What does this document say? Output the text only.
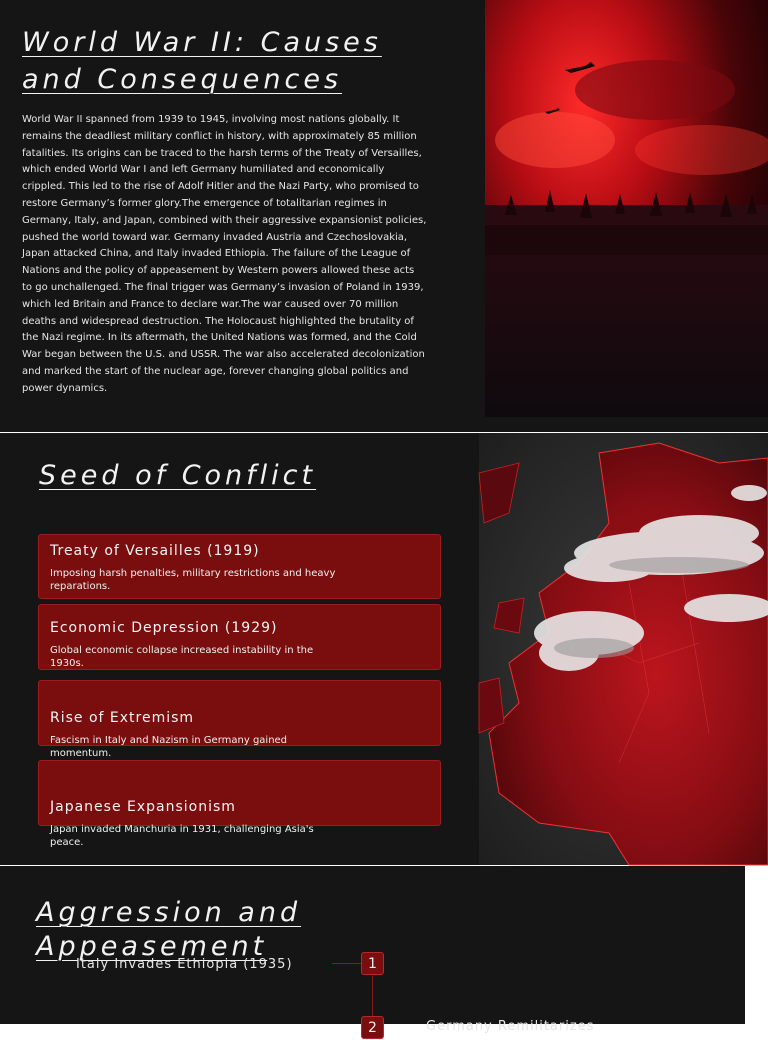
World War II: Causes
and Consequences

World War II spanned from 1939 to 1945, involving most nations globally. It remains the deadliest military conflict in history, with approximately 85 million fatalities. Its origins can be traced to the harsh terms of the Treaty of Versailles, which ended World War I and left Germany humiliated and economically crippled. This led to the rise of Adolf Hitler and the Nazi Party, who promised to restore Germany’s former glory.The emergence of totalitarian regimes in Germany, Italy, and Japan, combined with their aggressive expansionist policies, pushed the world toward war. Germany invaded Austria and Czechoslovakia, Japan attacked China, and Italy invaded Ethiopia. The failure of the League of Nations and the policy of appeasement by Western powers allowed these acts to go unchallenged. The final trigger was Germany’s invasion of Poland in 1939, which led Britain and France to declare war.The war caused over 70 million deaths and widespread destruction. The Holocaust highlighted the brutality of the Nazi regime. In its aftermath, the United Nations was formed, and the Cold War began between the U.S. and USSR. The war also accelerated decolonization and marked the start of the nuclear age, forever changing global politics and power dynamics.

Seed of Conflict
Treaty of Versailles (1919)
Imposing harsh penalties, military restrictions and heavy reparations.
Economic Depression (1929)
Global economic collapse increased instability in the 1930s.
Rise of Extremism
Fascism in Italy and Nazism in Germany gained momentum.
Japanese Expansionism
Japan invaded Manchuria in 1931, challenging Asia's peace.
Aggression and
Appeasement
Italy Invades Ethiopia (1935)	1
2	Germany Remilitarizes
